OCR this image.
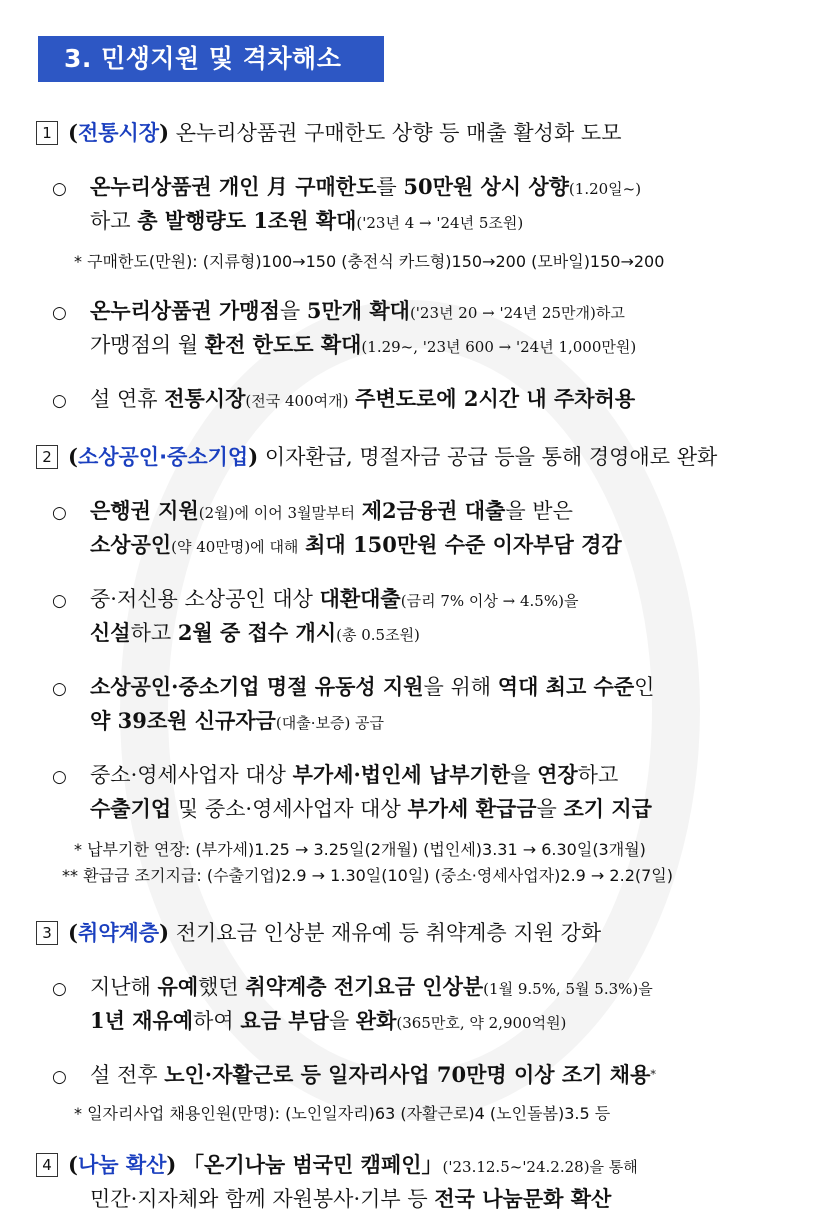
3. 민생지원 및 격차해소
1 (전통시장) 온누리상품권 구매한도 상향 등 매출 활성화 도모
○ 온누리상품권 개인 月 구매한도를 50만원 상시 상향(1.20일~)
하고 총 발행량도 1조원 확대('23년 4 → '24년 5조원)
* 구매한도(만원): (지류형)100→150 (충전식 카드형)150→200 (모바일)150→200
○ 온누리상품권 가맹점을 5만개 확대('23년 20 → '24년 25만개)하고
가맹점의 월 환전 한도도 확대(1.29~, '23년 600 → '24년 1,000만원)
○ 설 연휴 전통시장(전국 400여개) 주변도로에 2시간 내 주차허용
2 (소상공인·중소기업) 이자환급, 명절자금 공급 등을 통해 경영애로 완화
○ 은행권 지원(2월)에 이어 3월말부터 제2금융권 대출을 받은
소상공인(약 40만명)에 대해 최대 150만원 수준 이자부담 경감
○ 중·저신용 소상공인 대상 대환대출(금리 7% 이상 → 4.5%)을
신설하고 2월 중 접수 개시(총 0.5조원)
○ 소상공인·중소기업 명절 유동성 지원을 위해 역대 최고 수준인
약 39조원 신규자금(대출·보증) 공급
○ 중소·영세사업자 대상 부가세·법인세 납부기한을 연장하고
수출기업 및 중소·영세사업자 대상 부가세 환급금을 조기 지급
* 납부기한 연장: (부가세)1.25 → 3.25일(2개월) (법인세)3.31 → 6.30일(3개월)
** 환급금 조기지급: (수출기업)2.9 → 1.30일(10일) (중소·영세사업자)2.9 → 2.2(7일)
3 (취약계층) 전기요금 인상분 재유예 등 취약계층 지원 강화
○ 지난해 유예했던 취약계층 전기요금 인상분(1월 9.5%, 5월 5.3%)을
1년 재유예하여 요금 부담을 완화(365만호, 약 2,900억원)
○ 설 전후 노인·자활근로 등 일자리사업 70만명 이상 조기 채용*
* 일자리사업 채용인원(만명): (노인일자리)63 (자활근로)4 (노인돌봄)3.5 등
4 (나눔 확산) 「온기나눔 범국민 캠페인」('23.12.5~'24.2.28)을 통해
민간·지자체와 함께 자원봉사·기부 등 전국 나눔문화 확산
